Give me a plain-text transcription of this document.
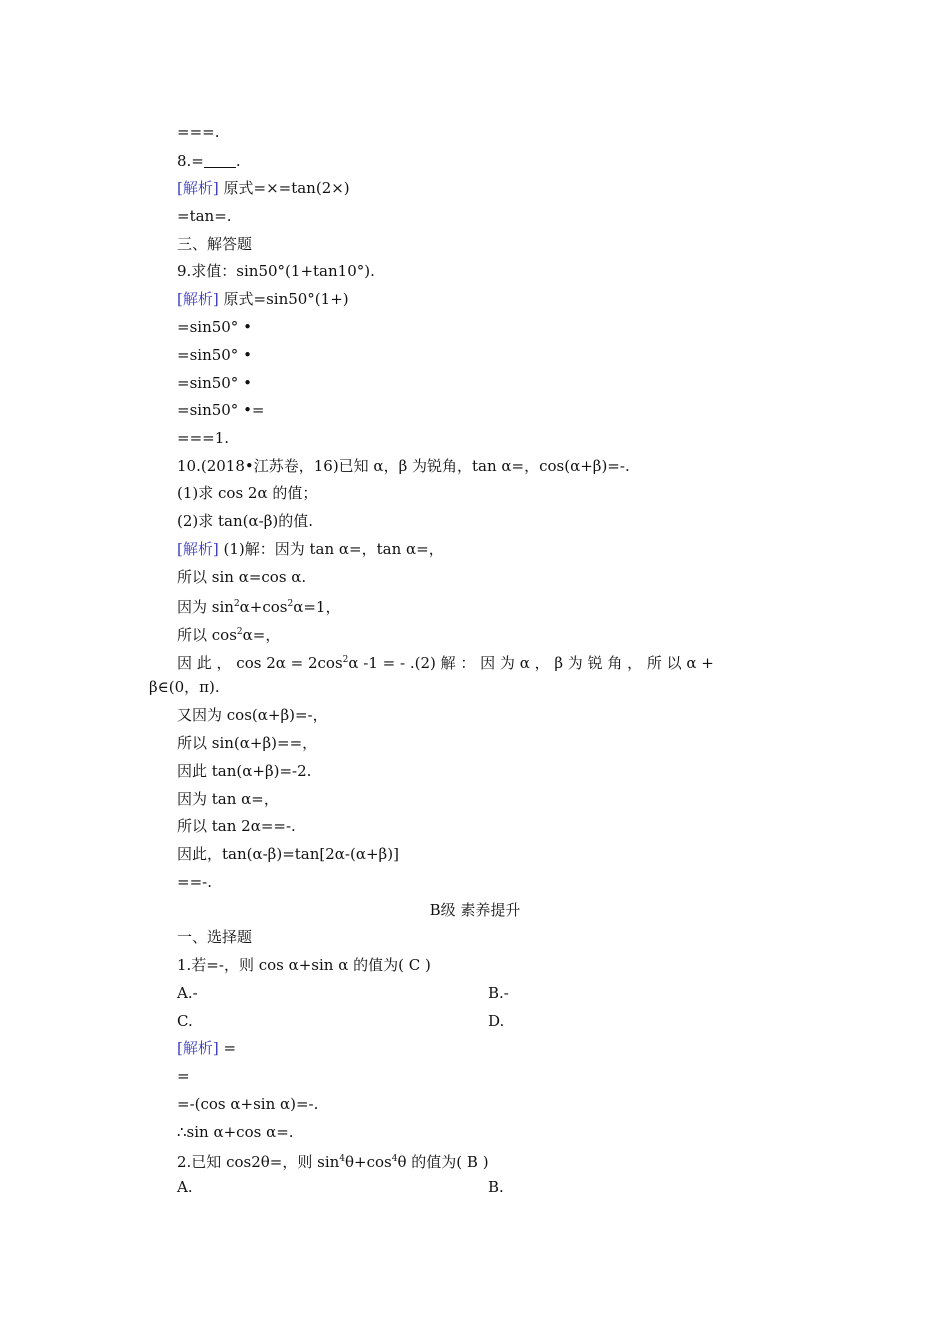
===.
8.= .
[解析] 原式=×=tan(2×)
=tan=.
三、解答题
9.求值：sin50°(1+tan10°).
[解析] 原式=sin50°(1+)
=sin50° •
=sin50° •
=sin50° •
=sin50° •=
===1.
10.(2018•江苏卷，16)已知 α，β 为锐角，tan α=，cos(α+β)=-.
(1)求 cos 2α 的值；
(2)求 tan(α-β)的值.
[解析] (1)解：因为 tan α=，tan α=，
所以 sin α=cos α.
因为 $\sin^2\alpha+\cos^2\alpha=1$，
所以 $\cos^2\alpha=$，
因 此 ， $\cos 2\alpha = 2\cos^2\alpha$ -1 = - .(2) 解 ： 因 为 α ， β 为 锐 角 ， 所 以 α +
β∈(0，π).
又因为 cos(α+β)=-，
所以 sin(α+β)==，
因此 tan(α+β)=-2.
因为 tan α=，
所以 tan 2α==-.
因此，tan(α-β)=tan[2α-(α+β)]
==-.
B级 素养提升
一、选择题
1.若=-，则 cos α+sin α 的值为( C )
A.-	B.-
C.	D.
[解析] =
=
=-(cos α+sin α)=-.
∴sin α+cos α=.
2.已知 cos2θ=，则 $\sin^4\theta+\cos^4\theta$ 的值为( B )
A.	B.
